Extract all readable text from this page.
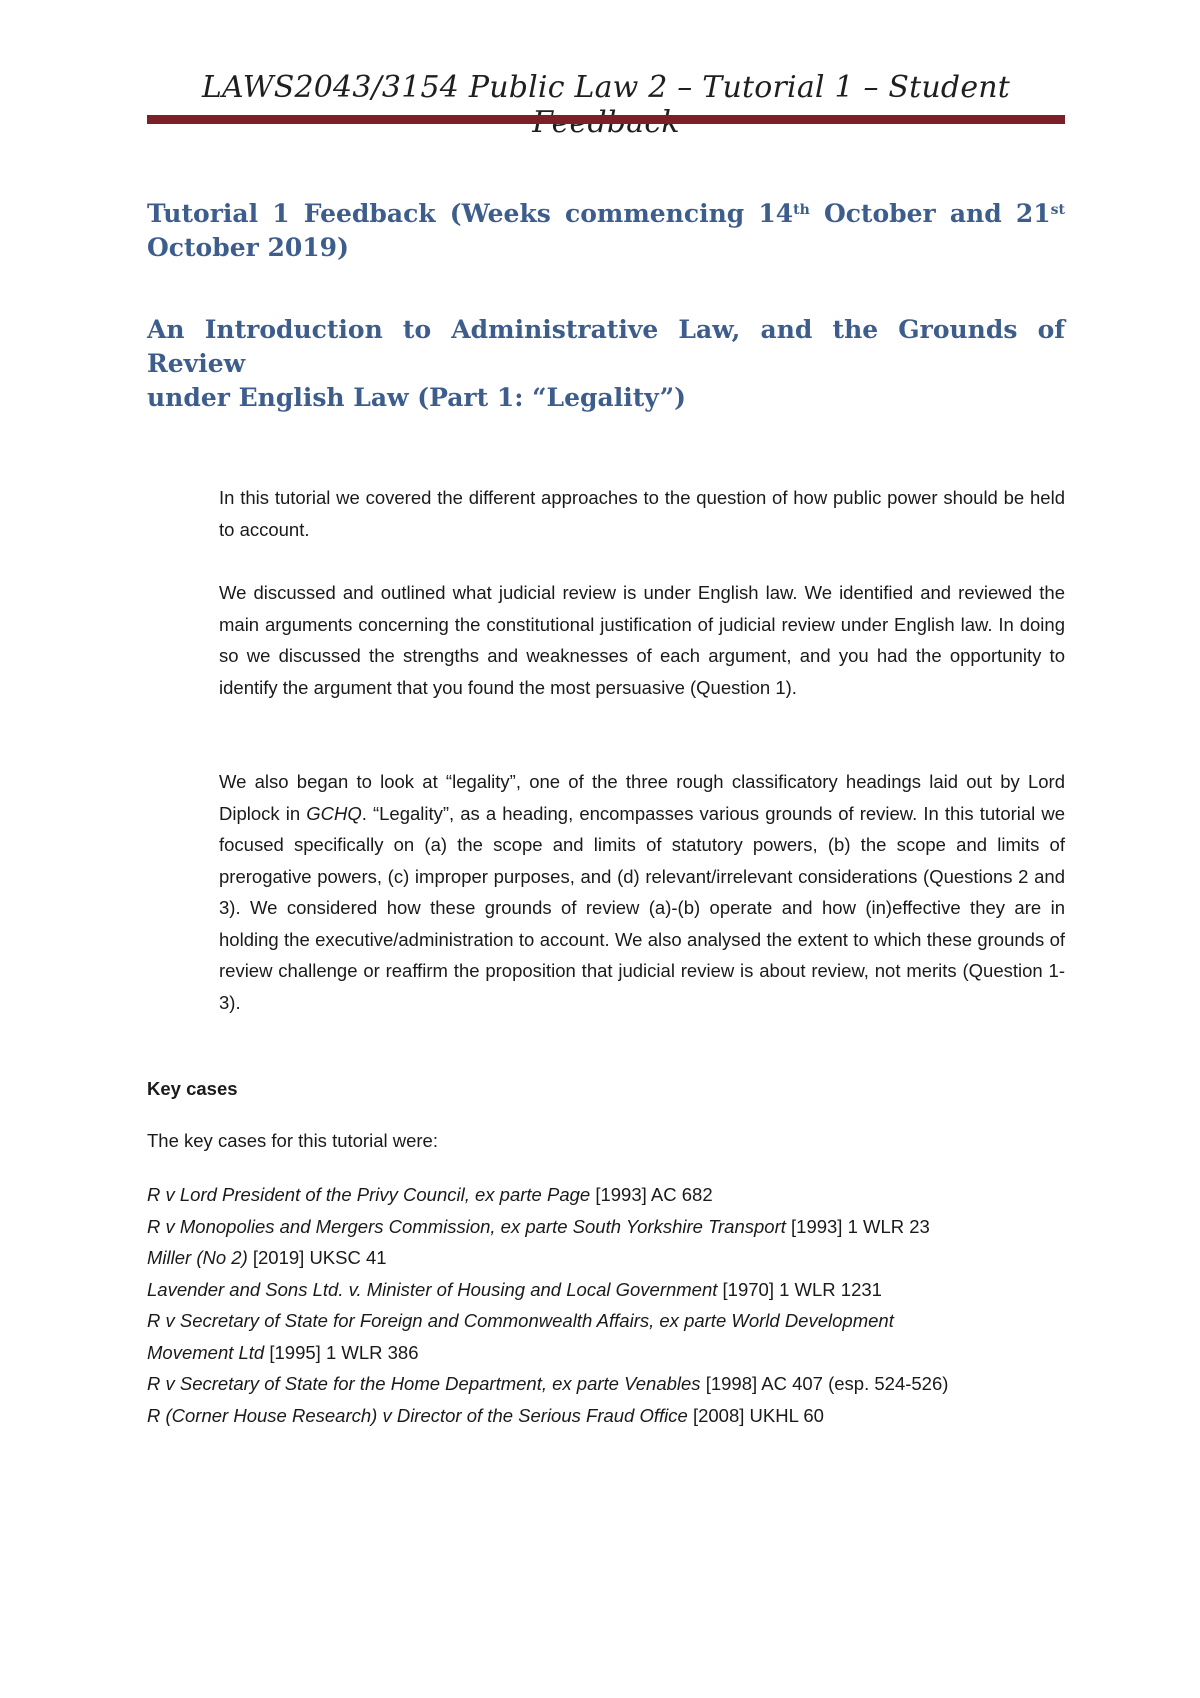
LAWS2043/3154 Public Law 2 – Tutorial 1 – Student
Tutorial 1 Feedback (Weeks commencing 14th October and 21st
October 2019)
An Introduction to Administrative Law, and the Grounds of Review
under English Law (Part 1: “Legality”)

In this tutorial we covered the different approaches to the question of how public power should be held to account.

We discussed and outlined what judicial review is under English law. We identified and reviewed the main arguments concerning the constitutional justification of judicial review under English law. In doing so we discussed the strengths and weaknesses of each argument, and you had the opportunity to identify the argument that you found the most persuasive (Question 1).

We also began to look at “legality”, one of the three rough classificatory headings laid out by Lord Diplock in GCHQ. “Legality”, as a heading, encompasses various grounds of review. In this tutorial we focused specifically on (a) the scope and limits of statutory powers, (b) the scope and limits of prerogative powers, (c) improper purposes, and (d) relevant/irrelevant considerations (Questions 2 and 3). We considered how these grounds of review (a)-(b) operate and how (in)effective they are in holding the executive/administration to account. We also analysed the extent to which these grounds of review challenge or reaffirm the proposition that judicial review is about review, not merits (Question 1-3).

Key cases

The key cases for this tutorial were:

R v Lord President of the Privy Council, ex parte Page [1993] AC 682
R v Monopolies and Mergers Commission, ex parte South Yorkshire Transport [1993] 1 WLR 23
Miller (No 2) [2019] UKSC 41
Lavender and Sons Ltd. v. Minister of Housing and Local Government [1970] 1 WLR 1231
R v Secretary of State for Foreign and Commonwealth Affairs, ex parte World Development
Movement Ltd [1995] 1 WLR 386
R v Secretary of State for the Home Department, ex parte Venables [1998] AC 407 (esp. 524-526)
R (Corner House Research) v Director of the Serious Fraud Office [2008] UKHL 60
